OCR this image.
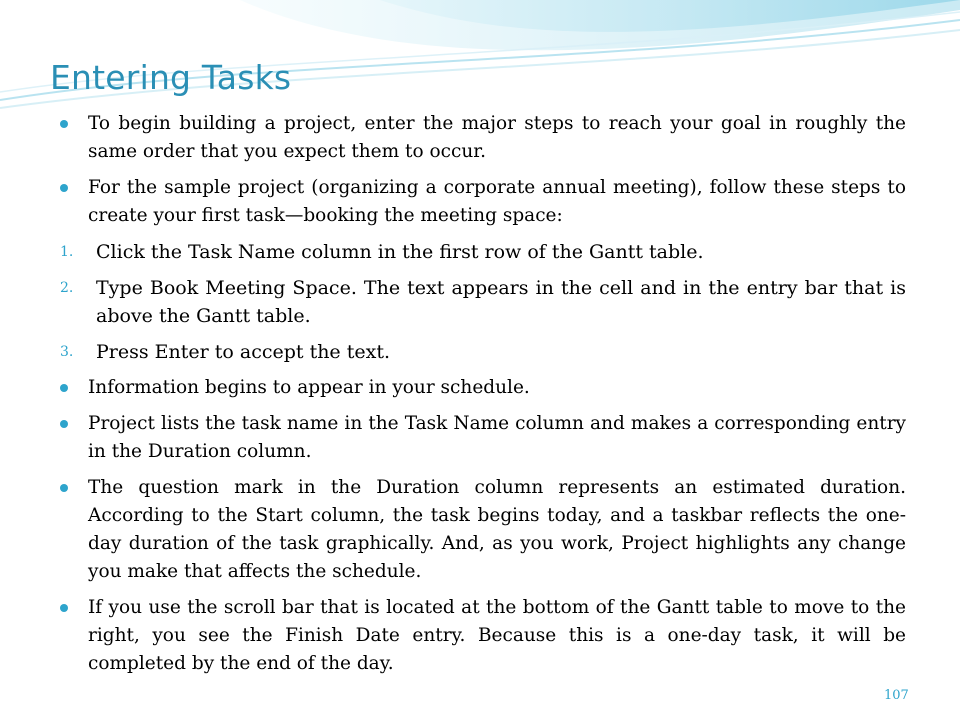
Entering Tasks
To begin building a project, enter the major steps to reach your goal in roughly the same order that you expect them to occur.
For the sample project (organizing a corporate annual meeting), follow these steps to create your first task—booking the meeting space:
1. Click the Task Name column in the first row of the Gantt table.
2. Type Book Meeting Space. The text appears in the cell and in the entry bar that is above the Gantt table.
3. Press Enter to accept the text.
Information begins to appear in your schedule.
Project lists the task name in the Task Name column and makes a corresponding entry in the Duration column.
The question mark in the Duration column represents an estimated duration. According to the Start column, the task begins today, and a taskbar reflects the one-day duration of the task graphically. And, as you work, Project highlights any change you make that affects the schedule.
If you use the scroll bar that is located at the bottom of the Gantt table to move to the right, you see the Finish Date entry. Because this is a one-day task, it will be completed by the end of the day.
107
